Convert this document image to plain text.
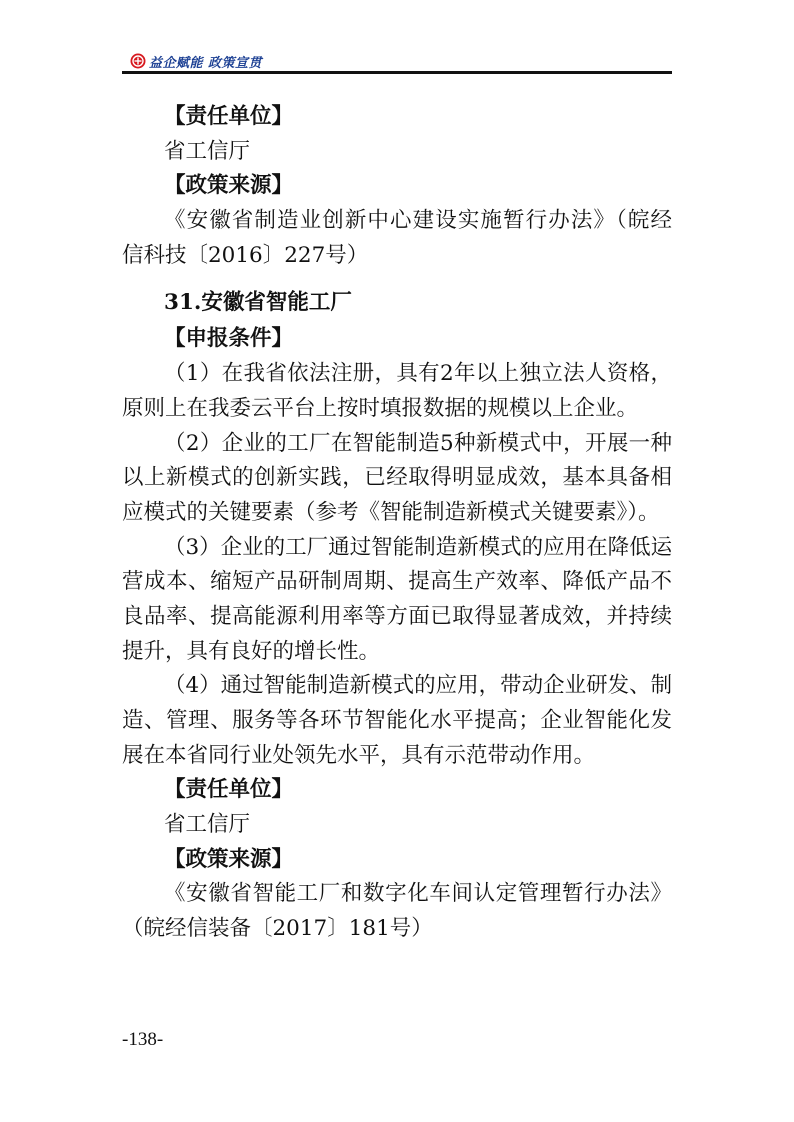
益企赋能 政策宣贯
【责任单位】
省工信厅
【政策来源】
《安徽省制造业创新中心建设实施暂行办法》（皖经
信科技〔2016〕227号）
31.安徽省智能工厂
【申报条件】
（1）在我省依法注册，具有2年以上独立法人资格，
原则上在我委云平台上按时填报数据的规模以上企业。
（2）企业的工厂在智能制造5种新模式中，开展一种
以上新模式的创新实践，已经取得明显成效，基本具备相
应模式的关键要素（参考《智能制造新模式关键要素》）。
（3）企业的工厂通过智能制造新模式的应用在降低运
营成本、缩短产品研制周期、提高生产效率、降低产品不
良品率、提高能源利用率等方面已取得显著成效，并持续
提升，具有良好的增长性。
（4）通过智能制造新模式的应用，带动企业研发、制
造、管理、服务等各环节智能化水平提高；企业智能化发
展在本省同行业处领先水平，具有示范带动作用。
【责任单位】
省工信厅
【政策来源】
《安徽省智能工厂和数字化车间认定管理暂行办法》
（皖经信装备〔2017〕181号）
-138-
